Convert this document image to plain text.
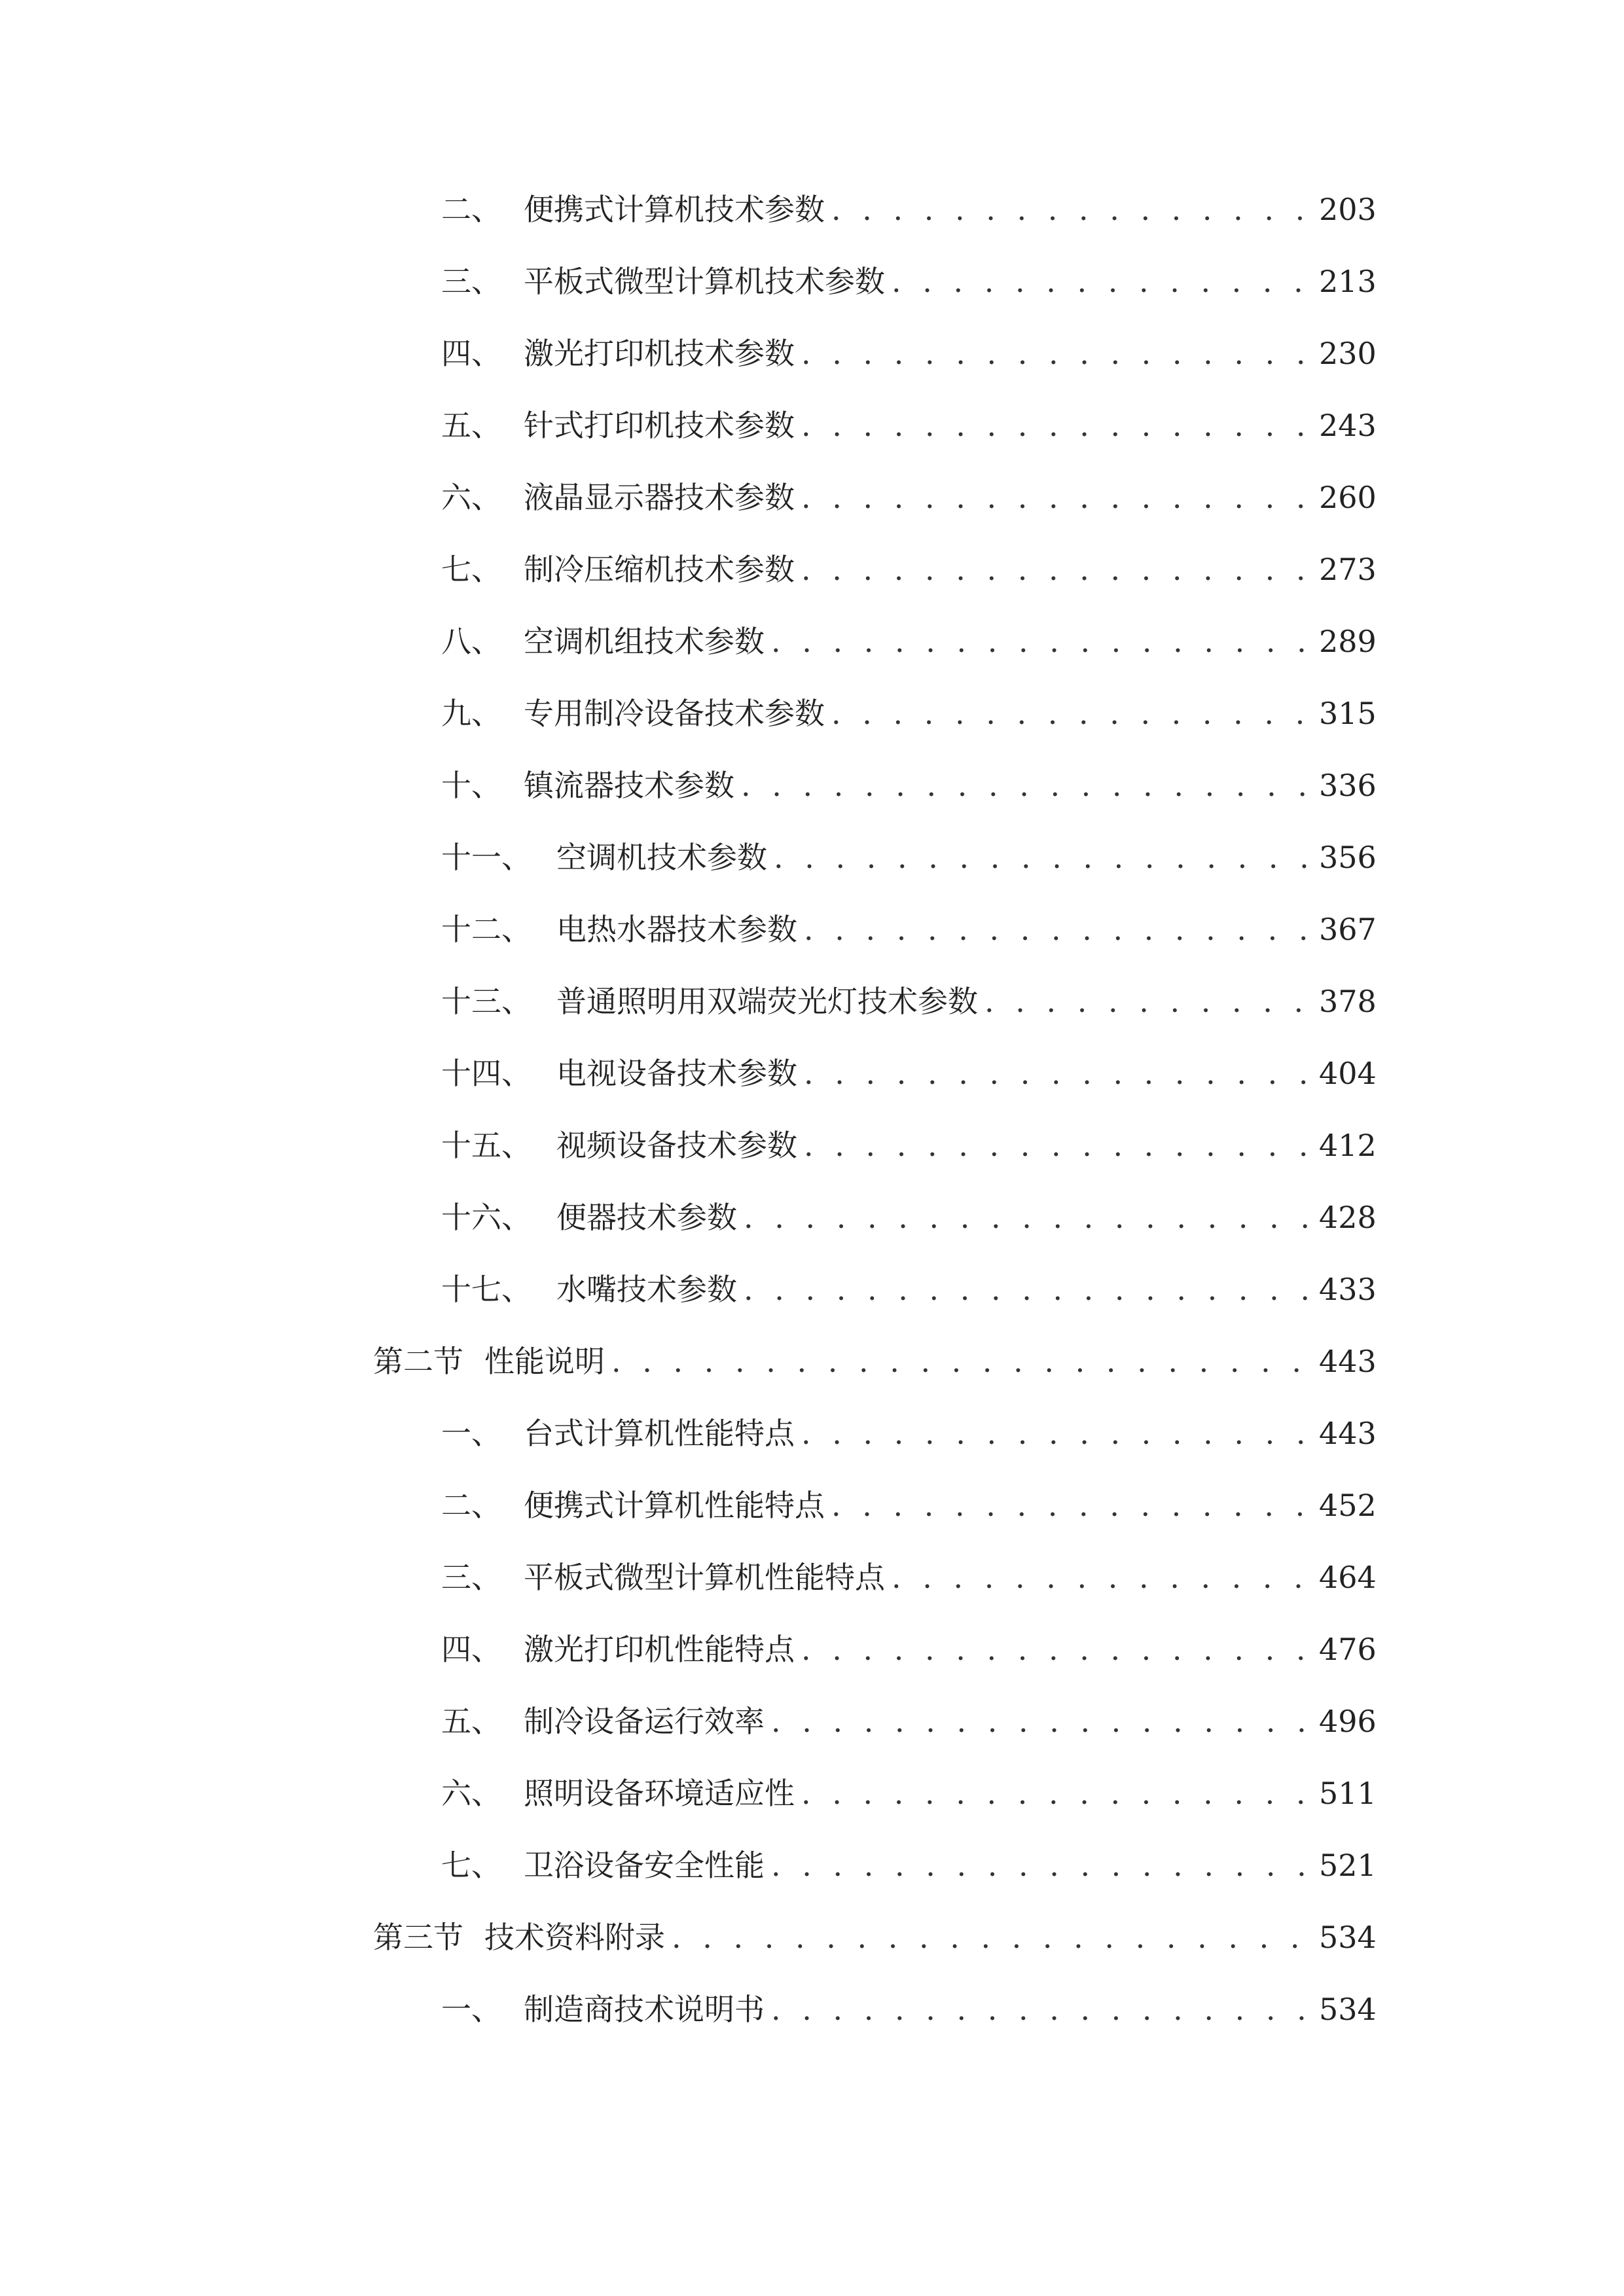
二、 便携式计算机技术参数 . . .	203
三、 平板式微型计算机技术参数 . . .	213
四、 激光打印机技术参数 . . .	230
五、 针式打印机技术参数 . . .	243
六、 液晶显示器技术参数 . . .	260
七、 制冷压缩机技术参数 . . .	273
八、 空调机组技术参数 . . .	289
九、 专用制冷设备技术参数 . . .	315
十、 镇流器技术参数 . . .	336
十一、 空调机技术参数 . . .	356
十二、 电热水器技术参数 . . .	367
十三、 普通照明用双端荧光灯技术参数 . . .	378
十四、 电视设备技术参数 . . .	404
十五、 视频设备技术参数 . . .	412
十六、 便器技术参数 . . .	428
十七、 水嘴技术参数 . . .	433
第二节 性能说明 . . .	443
一、 台式计算机性能特点 . . .	443
二、 便携式计算机性能特点 . . .	452
三、 平板式微型计算机性能特点 . . .	464
四、 激光打印机性能特点 . . .	476
五、 制冷设备运行效率 . . .	496
六、 照明设备环境适应性 . . .	511
七、 卫浴设备安全性能 . . .	521
第三节 技术资料附录 . . .	534
一、 制造商技术说明书 . . .	534
